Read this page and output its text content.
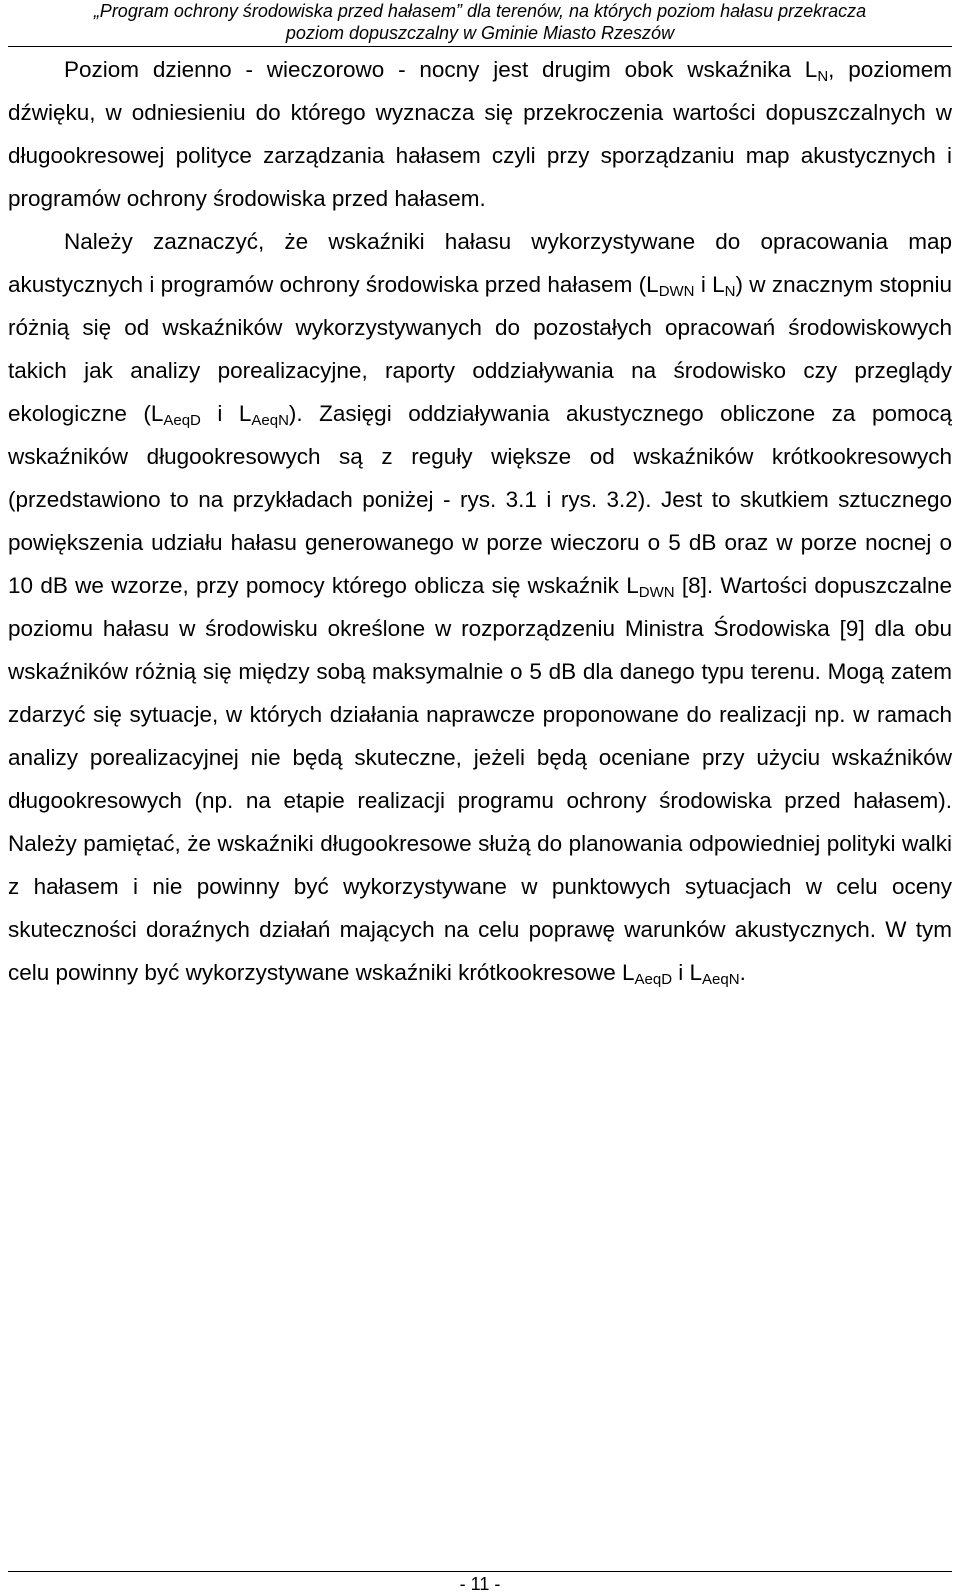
„Program ochrony środowiska przed hałasem” dla terenów, na których poziom hałasu przekracza
poziom dopuszczalny w Gminie Miasto Rzeszów

Poziom dzienno - wieczorowo - nocny jest drugim obok wskaźnika $L_N$, poziomem dźwięku, w odniesieniu do którego wyznacza się przekroczenia wartości dopuszczalnych w długookresowej polityce zarządzania hałasem czyli przy sporządzaniu map akustycznych i programów ochrony środowiska przed hałasem.

Należy zaznaczyć, że wskaźniki hałasu wykorzystywane do opracowania map akustycznych i programów ochrony środowiska przed hałasem ($L_{DWN}$ i $L_N$) w znacznym stopniu różnią się od wskaźników wykorzystywanych do pozostałych opracowań środowiskowych takich jak analizy porealizacyjne, raporty oddziaływania na środowisko czy przeglądy ekologiczne ($L_{AeqD}$ i $L_{AeqN}$). Zasięgi oddziaływania akustycznego obliczone za pomocą wskaźników długookresowych są z reguły większe od wskaźników krótkookresowych (przedstawiono to na przykładach poniżej - rys. 3.1 i rys. 3.2). Jest to skutkiem sztucznego powiększenia udziału hałasu generowanego w porze wieczoru o 5 dB oraz w porze nocnej o 10 dB we wzorze, przy pomocy którego oblicza się wskaźnik $L_{DWN}$ [8]. Wartości dopuszczalne poziomu hałasu w środowisku określone w rozporządzeniu Ministra Środowiska [9] dla obu wskaźników różnią się między sobą maksymalnie o 5 dB dla danego typu terenu. Mogą zatem zdarzyć się sytuacje, w których działania naprawcze proponowane do realizacji np. w ramach analizy porealizacyjnej nie będą skuteczne, jeżeli będą oceniane przy użyciu wskaźników długookresowych (np. na etapie realizacji programu ochrony środowiska przed hałasem). Należy pamiętać, że wskaźniki długookresowe służą do planowania odpowiedniej polityki walki z hałasem i nie powinny być wykorzystywane w punktowych sytuacjach w celu oceny skuteczności doraźnych działań mających na celu poprawę warunków akustycznych. W tym celu powinny być wykorzystywane wskaźniki krótkookresowe $L_{AeqD}$ i $L_{AeqN}$.

- 11 -
